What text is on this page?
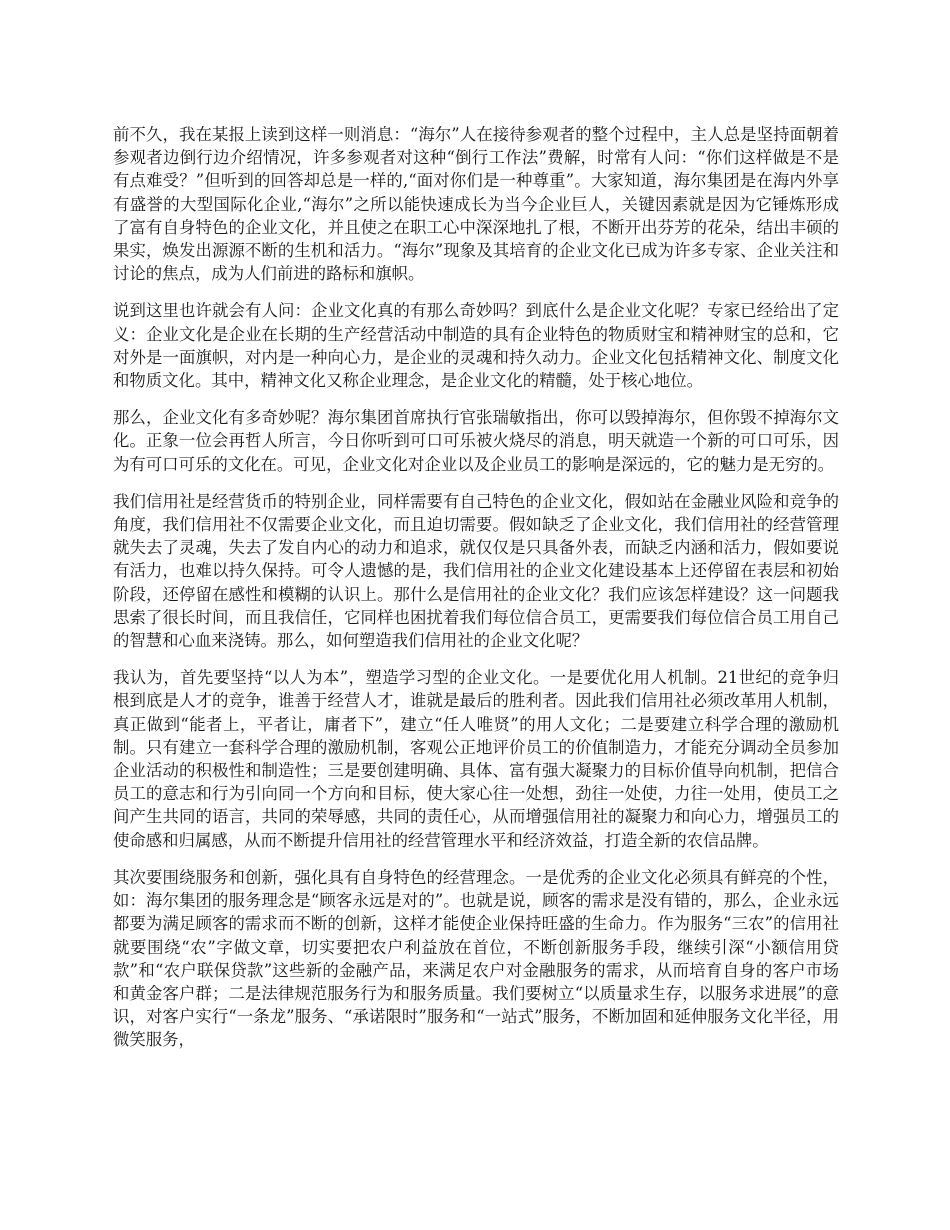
前不久，我在某报上读到这样一则消息：“海尔”人在接待参观者的整个过程中，主人总是坚持面朝着参观者边倒行边介绍情况，许多参观者对这种“倒行工作法”费解，时常有人问：“你们这样做是不是有点难受？”但听到的回答却总是一样的,“面对你们是一种尊重”。大家知道，海尔集团是在海内外享有盛誉的大型国际化企业,“海尔”之所以能快速成长为当今企业巨人，关键因素就是因为它锤炼形成了富有自身特色的企业文化，并且使之在职工心中深深地扎了根，不断开出芬芳的花朵，结出丰硕的果实，焕发出源源不断的生机和活力。“海尔”现象及其培育的企业文化已成为许多专家、企业关注和讨论的焦点，成为人们前进的路标和旗帜。

说到这里也许就会有人问：企业文化真的有那么奇妙吗？到底什么是企业文化呢？专家已经给出了定义：企业文化是企业在长期的生产经营活动中制造的具有企业特色的物质财宝和精神财宝的总和，它对外是一面旗帜，对内是一种向心力，是企业的灵魂和持久动力。企业文化包括精神文化、制度文化和物质文化。其中，精神文化又称企业理念，是企业文化的精髓，处于核心地位。

那么，企业文化有多奇妙呢？海尔集团首席执行官张瑞敏指出，你可以毁掉海尔，但你毁不掉海尔文化。正象一位会再哲人所言，今日你听到可口可乐被火烧尽的消息，明天就造一个新的可口可乐，因为有可口可乐的文化在。可见，企业文化对企业以及企业员工的影响是深远的，它的魅力是无穷的。

我们信用社是经营货币的特别企业，同样需要有自己特色的企业文化，假如站在金融业风险和竞争的角度，我们信用社不仅需要企业文化，而且迫切需要。假如缺乏了企业文化，我们信用社的经营管理就失去了灵魂，失去了发自内心的动力和追求，就仅仅是只具备外表，而缺乏内涵和活力，假如要说有活力，也难以持久保持。可令人遗憾的是，我们信用社的企业文化建设基本上还停留在表层和初始阶段，还停留在感性和模糊的认识上。那什么是信用社的企业文化？我们应该怎样建设？这一问题我思索了很长时间，而且我信任，它同样也困扰着我们每位信合员工，更需要我们每位信合员工用自己的智慧和心血来浇铸。那么，如何塑造我们信用社的企业文化呢？

我认为，首先要坚持“以人为本”，塑造学习型的企业文化。一是要优化用人机制。21世纪的竞争归根到底是人才的竞争，谁善于经营人才，谁就是最后的胜利者。因此我们信用社必须改革用人机制，真正做到“能者上，平者让，庸者下”，建立“任人唯贤”的用人文化；二是要建立科学合理的激励机制。只有建立一套科学合理的激励机制，客观公正地评价员工的价值制造力，才能充分调动全员参加企业活动的积极性和制造性；三是要创建明确、具体、富有强大凝聚力的目标价值导向机制，把信合员工的意志和行为引向同一个方向和目标，使大家心往一处想，劲往一处使，力往一处用，使员工之间产生共同的语言，共同的荣辱感，共同的责任心，从而增强信用社的凝聚力和向心力，增强员工的使命感和归属感，从而不断提升信用社的经营管理水平和经济效益，打造全新的农信品牌。

其次要围绕服务和创新，强化具有自身特色的经营理念。一是优秀的企业文化必须具有鲜亮的个性，如：海尔集团的服务理念是“顾客永远是对的”。也就是说，顾客的需求是没有错的，那么，企业永远都要为满足顾客的需求而不断的创新，这样才能使企业保持旺盛的生命力。作为服务“三农”的信用社就要围绕“农”字做文章，切实要把农户利益放在首位，不断创新服务手段，继续引深“小额信用贷款”和“农户联保贷款”这些新的金融产品，来满足农户对金融服务的需求，从而培育自身的客户市场和黄金客户群；二是法律规范服务行为和服务质量。我们要树立“以质量求生存，以服务求进展”的意识，对客户实行“一条龙”服务、“承诺限时”服务和“一站式”服务，不断加固和延伸服务文化半径，用微笑服务，
